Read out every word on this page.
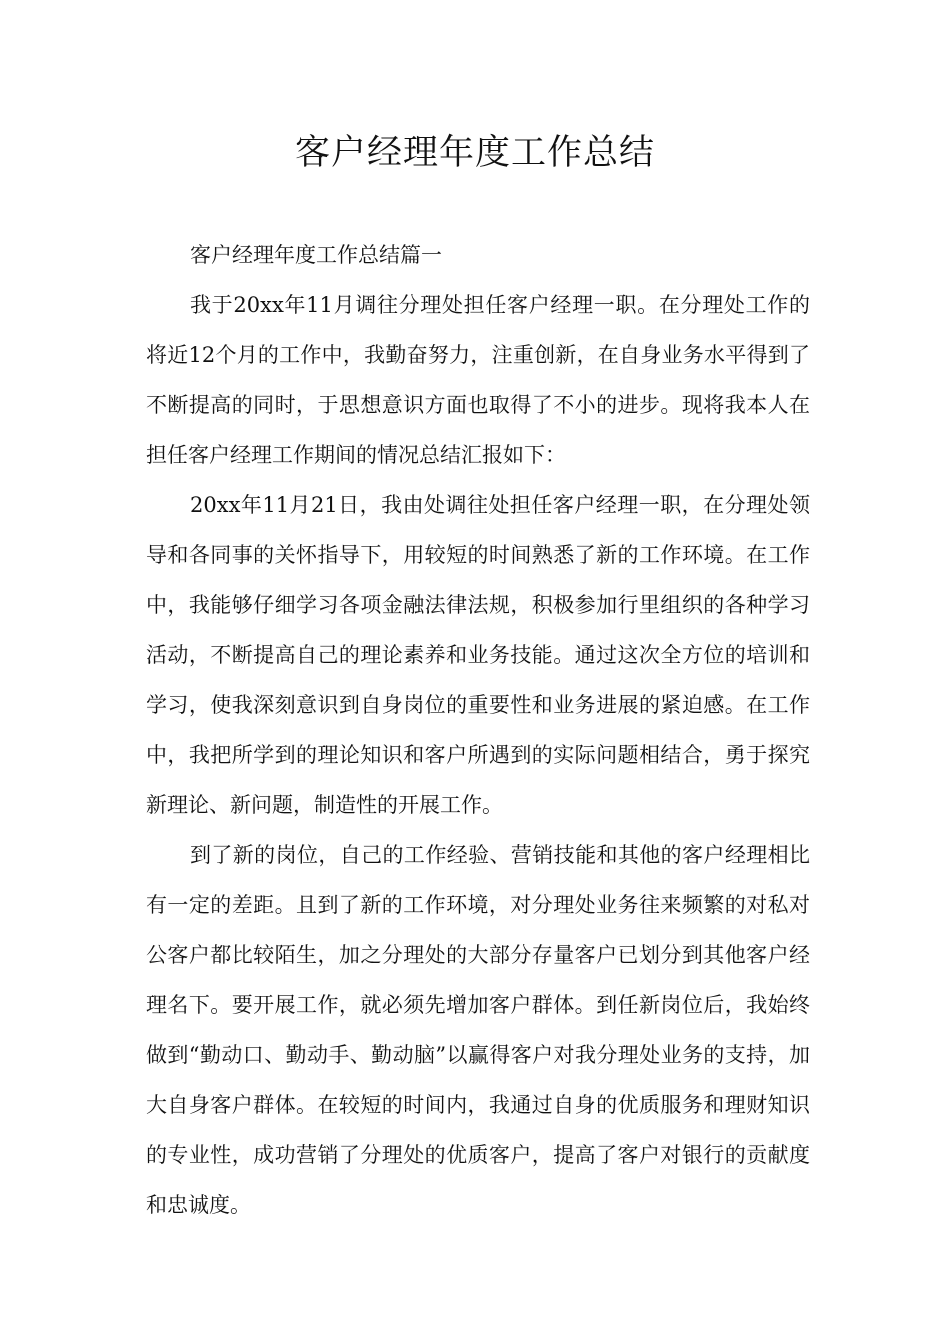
客户经理年度工作总结

客户经理年度工作总结篇一

我于20xx年11月调往分理处担任客户经理一职。在分理处工作的将近12个月的工作中，我勤奋努力，注重创新，在自身业务水平得到了不断提高的同时，于思想意识方面也取得了不小的进步。现将我本人在担任客户经理工作期间的情况总结汇报如下：

20xx年11月21日，我由处调往处担任客户经理一职，在分理处领导和各同事的关怀指导下，用较短的时间熟悉了新的工作环境。在工作中，我能够仔细学习各项金融法律法规，积极参加行里组织的各种学习活动，不断提高自己的理论素养和业务技能。通过这次全方位的培训和学习，使我深刻意识到自身岗位的重要性和业务进展的紧迫感。在工作中，我把所学到的理论知识和客户所遇到的实际问题相结合，勇于探究新理论、新问题，制造性的开展工作。

到了新的岗位，自己的工作经验、营销技能和其他的客户经理相比有一定的差距。且到了新的工作环境，对分理处业务往来频繁的对私对公客户都比较陌生，加之分理处的大部分存量客户已划分到其他客户经理名下。要开展工作，就必须先增加客户群体。到任新岗位后，我始终做到“勤动口、勤动手、勤动脑”以赢得客户对我分理处业务的支持，加大自身客户群体。在较短的时间内，我通过自身的优质服务和理财知识的专业性，成功营销了分理处的优质客户，提高了客户对银行的贡献度和忠诚度。
